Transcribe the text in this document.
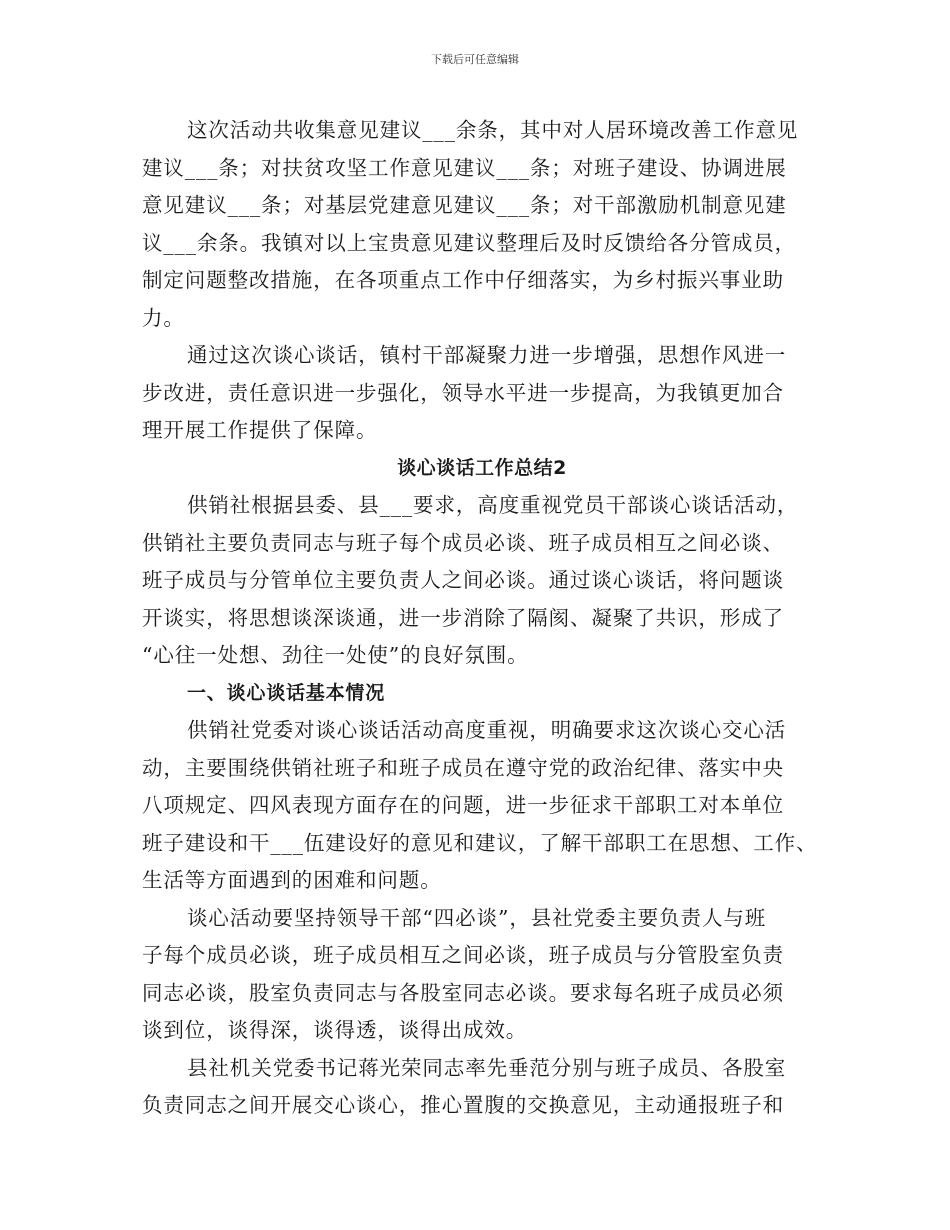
下载后可任意编辑
这次活动共收集意见建议___余条，其中对人居环境改善工作意见
建议___条；对扶贫攻坚工作意见建议___条；对班子建设、协调进展
意见建议___条；对基层党建意见建议___条；对干部激励机制意见建
议___余条。我镇对以上宝贵意见建议整理后及时反馈给各分管成员，
制定问题整改措施，在各项重点工作中仔细落实，为乡村振兴事业助
力。
通过这次谈心谈话，镇村干部凝聚力进一步增强，思想作风进一
步改进，责任意识进一步强化，领导水平进一步提高，为我镇更加合
理开展工作提供了保障。
谈心谈话工作总结2
供销社根据县委、县___要求，高度重视党员干部谈心谈话活动，
供销社主要负责同志与班子每个成员必谈、班子成员相互之间必谈、
班子成员与分管单位主要负责人之间必谈。通过谈心谈话，将问题谈
开谈实，将思想谈深谈通，进一步消除了隔阂、凝聚了共识，形成了
“心往一处想、劲往一处使”的良好氛围。
一、谈心谈话基本情况
供销社党委对谈心谈话活动高度重视，明确要求这次谈心交心活
动，主要围绕供销社班子和班子成员在遵守党的政治纪律、落实中央
八项规定、四风表现方面存在的问题，进一步征求干部职工对本单位
班子建设和干___伍建设好的意见和建议，了解干部职工在思想、工作、
生活等方面遇到的困难和问题。
谈心活动要坚持领导干部“四必谈”，县社党委主要负责人与班
子每个成员必谈，班子成员相互之间必谈，班子成员与分管股室负责
同志必谈，股室负责同志与各股室同志必谈。要求每名班子成员必须
谈到位，谈得深，谈得透，谈得出成效。
县社机关党委书记蒋光荣同志率先垂范分别与班子成员、各股室
负责同志之间开展交心谈心，推心置腹的交换意见，主动通报班子和
